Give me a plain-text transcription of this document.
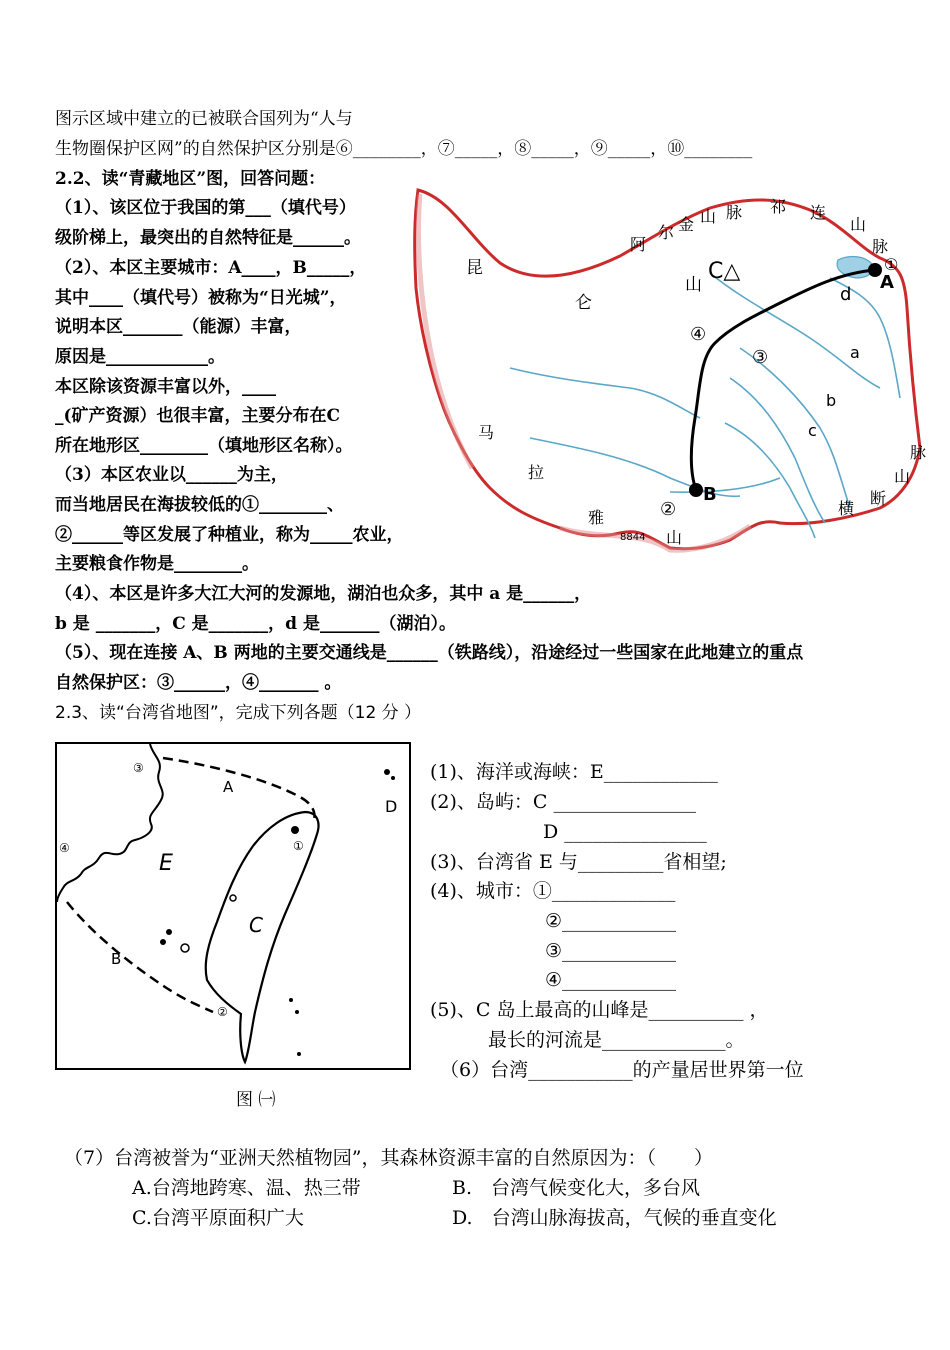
图示区域中建立的已被联合国列为“人与
生物圈保护区网”的自然保护区分别是⑥________，⑦_____，⑧_____，⑨_____，⑩________
2.2、读“青藏地区”图，回答问题：
（1）、该区位于我国的第___（填代号）
级阶梯上，最突出的自然特征是______。
（2）、本区主要城市：A____，B_____，
其中____（填代号）被称为“日光城”，
说明本区_______（能源）丰富，
原因是____________。
本区除该资源丰富以外，____
_(矿产资源）也很丰富，主要分布在C
所在地形区________（填地形区名称）。
（3）本区农业以______为主，
而当地居民在海拔较低的①________、
②______等区发展了种植业，称为_____农业，
主要粮食作物是________。
（4）、本区是许多大江大河的发源地，湖泊也众多，其中 a 是______，
b 是 _______，C 是_______，d 是_______（湖泊）。
（5）、现在连接 A、B 两地的主要交通线是______（铁路线），沿途经过一些国家在此地建立的重点
自然保护区：③______，④_______ 。
昆
仑
山
阿
尔 金 山 脉 祁 连
山
脉
马
拉
雅
山
横
断
山
脉
C△	A
B
a
b
c
d
①
②
③
④
8844
2.3、读“台湾省地图”，完成下列各题（12 分 ）
A
B
C
D
E
①
②
③
④
图 ㈠
(1)、海洋或海峡：E____________
(2)、岛屿：C _______________
D _______________
(3)、台湾省 E 与_________省相望;
(4)、城市：①_____________
②____________
③____________
④____________
(5)、C 岛上最高的山峰是__________ ，
最长的河流是_____________。
（6）台湾___________的产量居世界第一位
（7）台湾被誉为“亚洲天然植物园”，其森林资源丰富的自然原因为：（　　）
A.台湾地跨寒、温、热三带	B.　台湾气候变化大，多台风
C.台湾平原面积广大	D.　台湾山脉海拔高，气候的垂直变化
